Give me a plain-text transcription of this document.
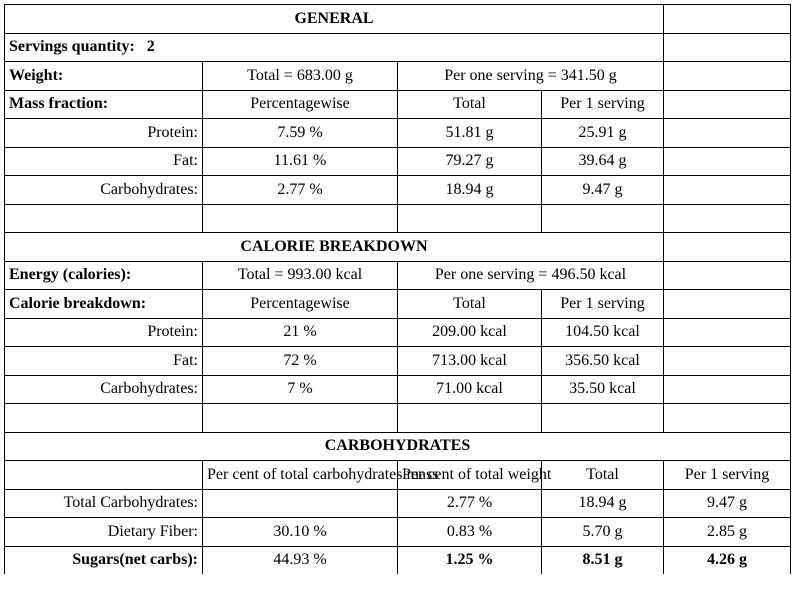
GENERAL				
Servings quantity: 2				
Weight:	Total = 683.00 g	Per one serving = 341.50 g		
Mass fraction:	Percentagewise	Total	Per 1 serving	
Protein:	7.59 %	51.81 g	25.91 g	
Fat:	11.61 %	79.27 g	39.64 g	
Carbohydrates:	2.77 %	18.94 g	9.47 g	

CALORIE BREAKDOWN				
Energy (calories):	Total = 993.00 kcal	Per one serving = 496.50 kcal		
Calorie breakdown:	Percentagewise	Total	Per 1 serving	
Protein:	21 %	209.00 kcal	104.50 kcal	
Fat:	72 %	713.00 kcal	356.50 kcal	
Carbohydrates:	7 %	71.00 kcal	35.50 kcal	

CARBOHYDRATES				
	Per cent of total carbohydrates mass	Per cent of total weight	Total	Per 1 serving
Total Carbohydrates:		2.77 %	18.94 g	9.47 g
Dietary Fiber:	30.10 %	0.83 %	5.70 g	2.85 g
Sugars(net carbs):	44.93 %	1.25 %	8.51 g	4.26 g
